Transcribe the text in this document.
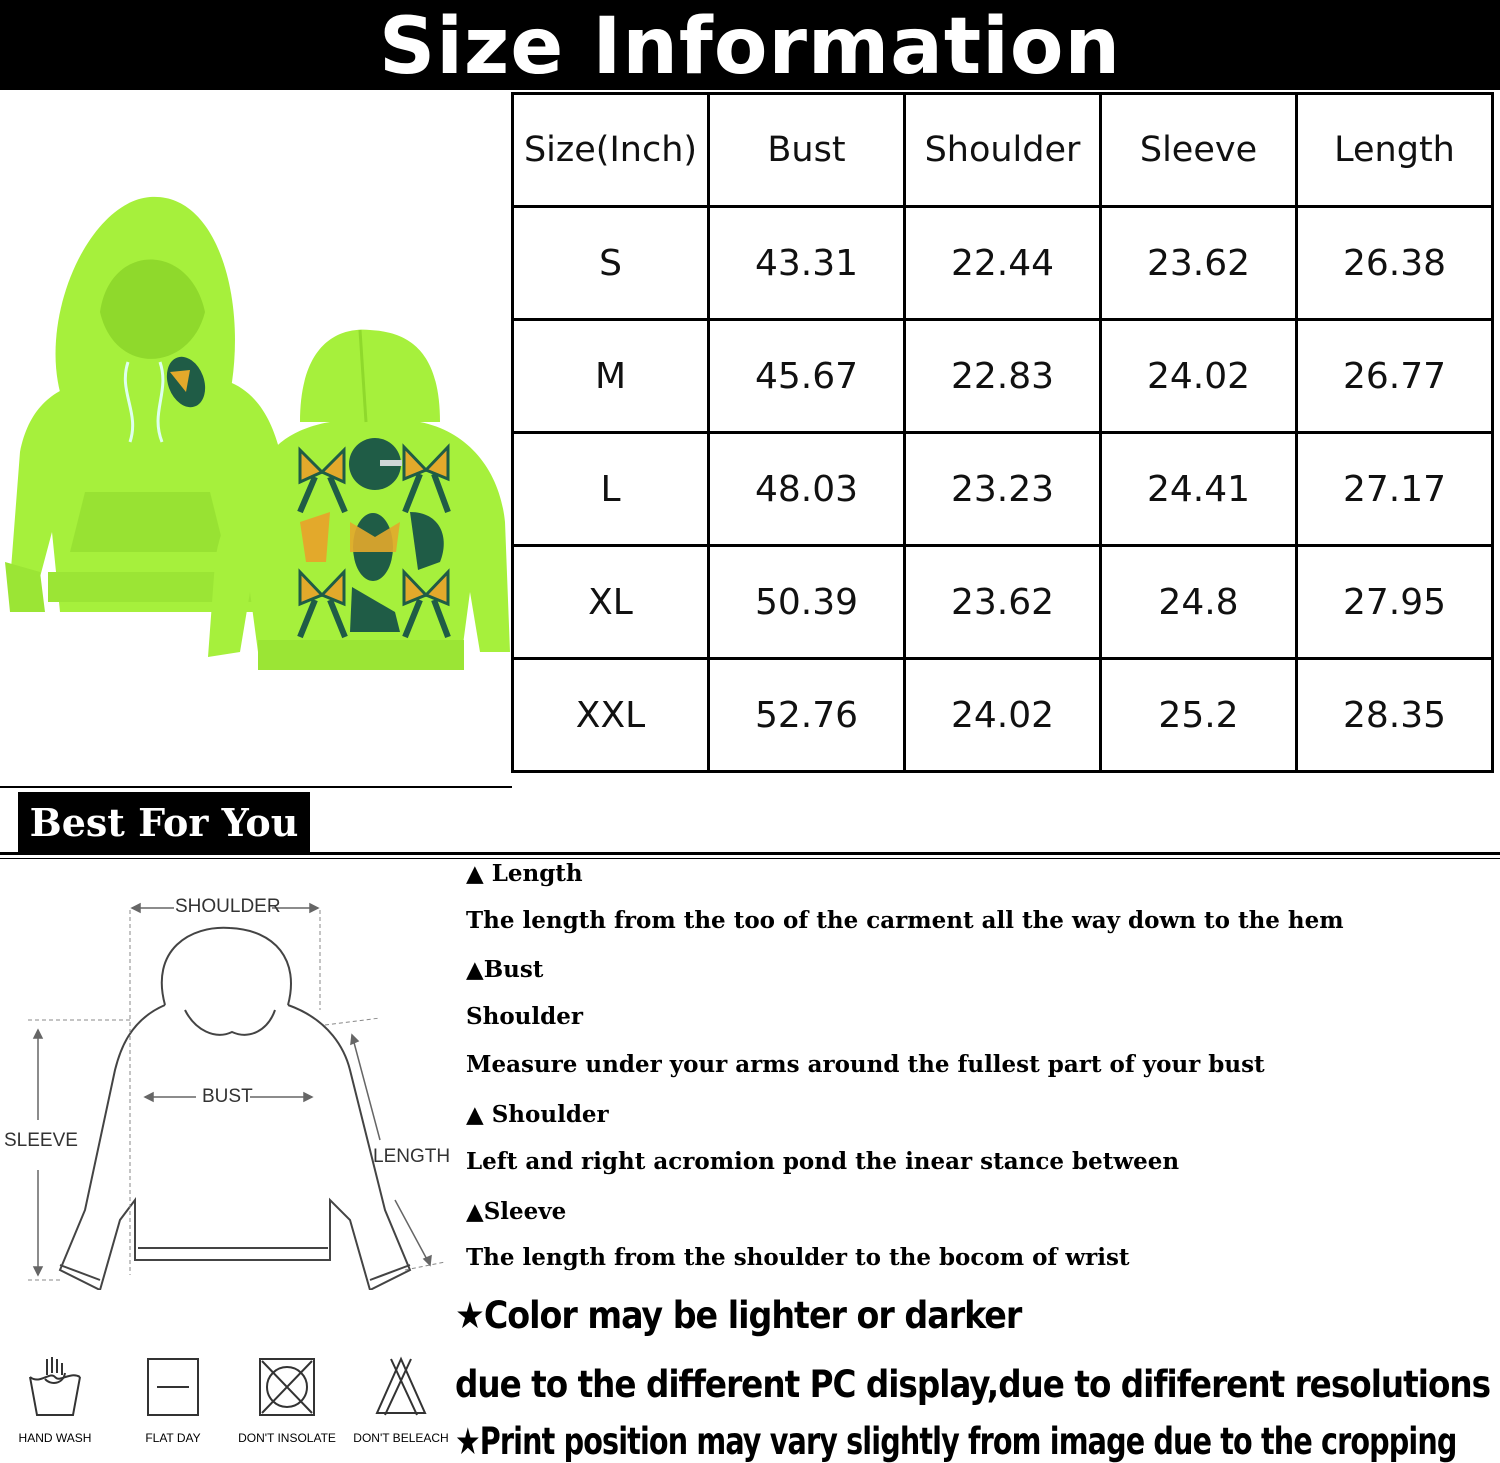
Size Information
Size(Inch)	Bust	Shoulder	Sleeve	Length
S	43.31	22.44	23.62	26.38
M	45.67	22.83	24.02	26.77
L	48.03	23.23	24.41	27.17
XL	50.39	23.62	24.8	27.95
XXL	52.76	24.02	25.2	28.35
Best For You
SHOULDER
BUST
SLEEVE
LENGTH
HAND WASH	FLAT DAY	DON'T INSOLATE	DON'T BELEACH
▲ Length
The length from the too of the carment all the way down to the hem
▲Bust
Shoulder
Measure under your arms around the fullest part of your bust
▲ Shoulder
Left and right acromion pond the inear stance between
▲Sleeve
The length from the shoulder to the bocom of wrist
★Color may be lighter or darker
due to the different PC display,due to dififerent resolutions
★Print position may vary slightly from image due to the cropping
